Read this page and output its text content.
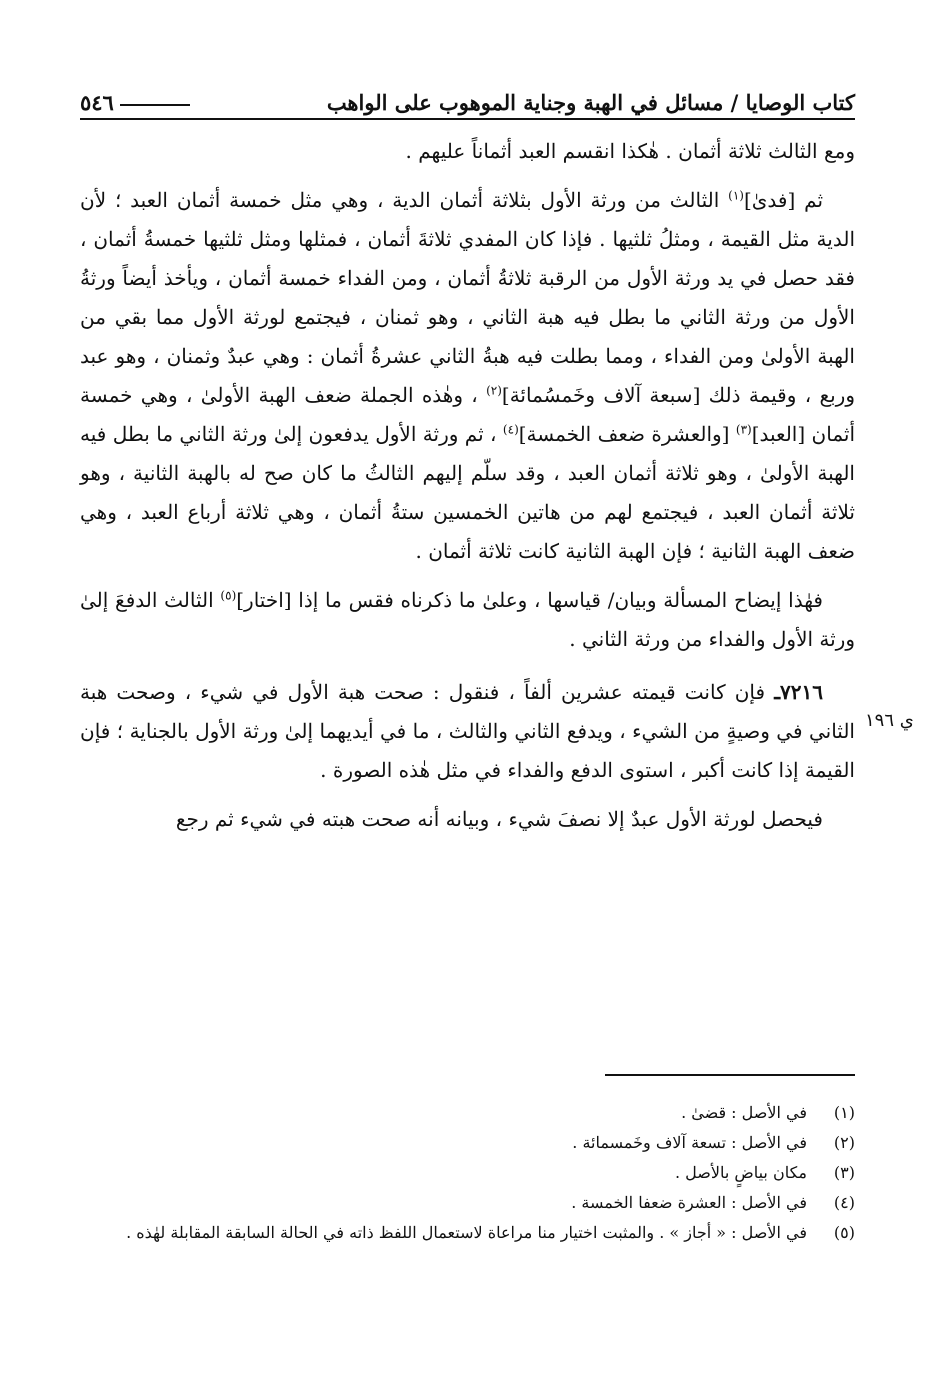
كتاب الوصايا / مسائل في الهبة وجناية الموهوب على الواهب
٥٤٦

ومع الثالث ثلاثة أثمان . هٰكذا انقسم العبد أثماناً عليهم .

ثم [فدىٰ]$^{(١)}$ الثالث من ورثة الأول بثلاثة أثمان الدية ، وهي مثل خمسة أثمان العبد ؛ لأن الدية مثل القيمة ، ومثلُ ثلثيها . فإذا كان المفدي ثلاثةَ أثمان ، فمثلها ومثل ثلثيها خمسةُ أثمان ، فقد حصل في يد ورثة الأول من الرقبة ثلاثةُ أثمان ، ومن الفداء خمسة أثمان ، ويأخذ أيضاً ورثةُ الأول من ورثة الثاني ما بطل فيه هبة الثاني ، وهو ثمنان ، فيجتمع لورثة الأول مما بقي من الهبة الأولىٰ ومن الفداء ، ومما بطلت فيه هبةُ الثاني عشرةُ أثمان : وهي عبدٌ وثمنان ، وهو عبد وربع ، وقيمة ذلك [سبعة آلاف وخَمسُمائة]$^{(٢)}$ ، وهٰذه الجملة ضعف الهبة الأولىٰ ، وهي خمسة أثمان [العبد]$^{(٣)}$ [والعشرة ضعف الخمسة]$^{(٤)}$ ، ثم ورثة الأول يدفعون إلىٰ ورثة الثاني ما بطل فيه الهبة الأولىٰ ، وهو ثلاثة أثمان العبد ، وقد سلّم إليهم الثالثُ ما كان صح له بالهبة الثانية ، وهو ثلاثة أثمان العبد ، فيجتمع لهم من هاتين الخمسين ستةُ أثمان ، وهي ثلاثة أرباع العبد ، وهي ضعف الهبة الثانية ؛ فإن الهبة الثانية كانت ثلاثة أثمان .

فهٰذا إيضاح المسألة وبيان/ قياسها ، وعلىٰ ما ذكرناه فقس ما إذا [اختار]$^{(٥)}$ الثالث الدفعَ إلىٰ ورثة الأول والفداء من ورثة الثاني .

٧٢١٦ـ فإن كانت قيمته عشرين ألفاً ، فنقول : صحت هبة الأول في شيء ، وصحت هبة الثاني في وصيةٍ من الشيء ، ويدفع الثاني والثالث ، ما في أيديهما إلىٰ ورثة الأول بالجناية ؛ فإن القيمة إذا كانت أكبر ، استوى الدفع والفداء في مثل هٰذه الصورة .

فيحصل لورثة الأول عبدٌ إلا نصفَ شيء ، وبيانه أنه صحت هبته في شيء ثم رجع

ي ١٩٦
(١)
في الأصل : قضىٰ .
(٢)
في الأصل : تسعة آلاف وخَمسمائة .
(٣)
مكان بياضٍ بالأصل .
(٤)
في الأصل : العشرة ضعفا الخمسة .
(٥)
في الأصل : « أجاز » . والمثبت اختيار منا مراعاة لاستعمال اللفظ ذاته في الحالة السابقة المقابلة لهٰذه .
